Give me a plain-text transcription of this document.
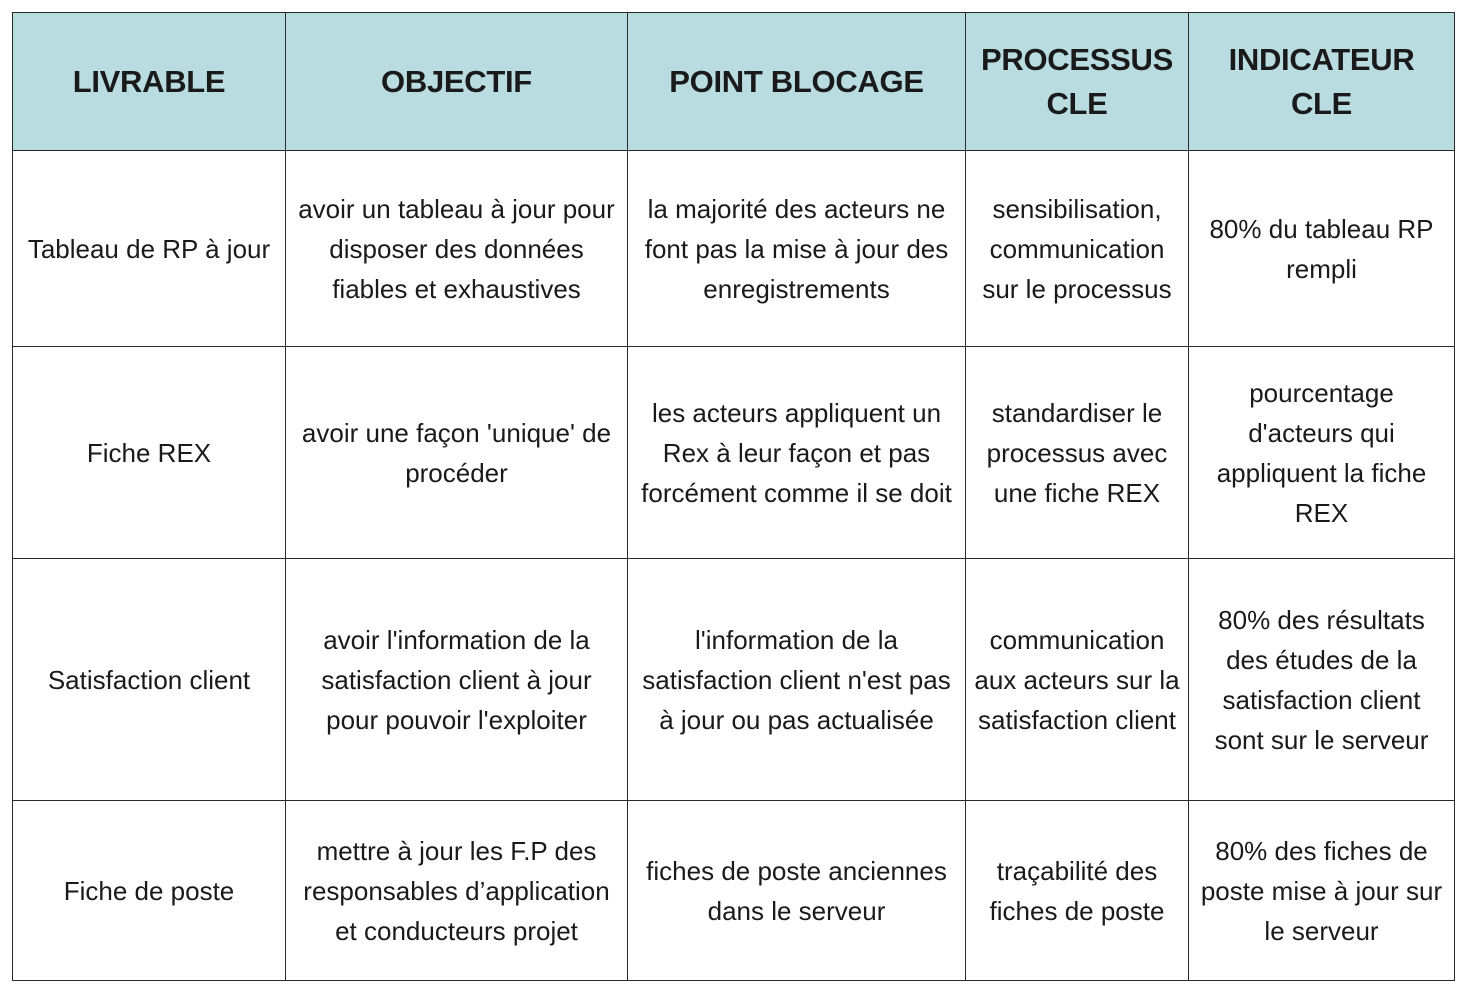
LIVRABLE	OBJECTIF	POINT BLOCAGE	PROCESSUS CLE	INDICATEUR CLE
Tableau de RP à jour	avoir un tableau à jour pour disposer des données fiables et exhaustives	la majorité des acteurs ne font pas la mise à jour des enregistrements	sensibilisation, communication sur le processus	80% du tableau RP rempli
Fiche REX	avoir une façon 'unique' de procéder	les acteurs appliquent un Rex à leur façon et pas forcément comme il se doit	standardiser le processus avec une fiche REX	pourcentage d'acteurs qui appliquent la fiche REX
Satisfaction client	avoir l'information de la satisfaction client à jour pour pouvoir l'exploiter	l'information de la satisfaction client n'est pas à jour ou pas actualisée	communication aux acteurs sur la satisfaction client	80% des résultats des études de la satisfaction client sont sur le serveur
Fiche de poste	mettre à jour les F.P des responsables d’application et conducteurs projet	fiches de poste anciennes dans le serveur	traçabilité des fiches de poste	80% des fiches de poste mise à jour sur le serveur
